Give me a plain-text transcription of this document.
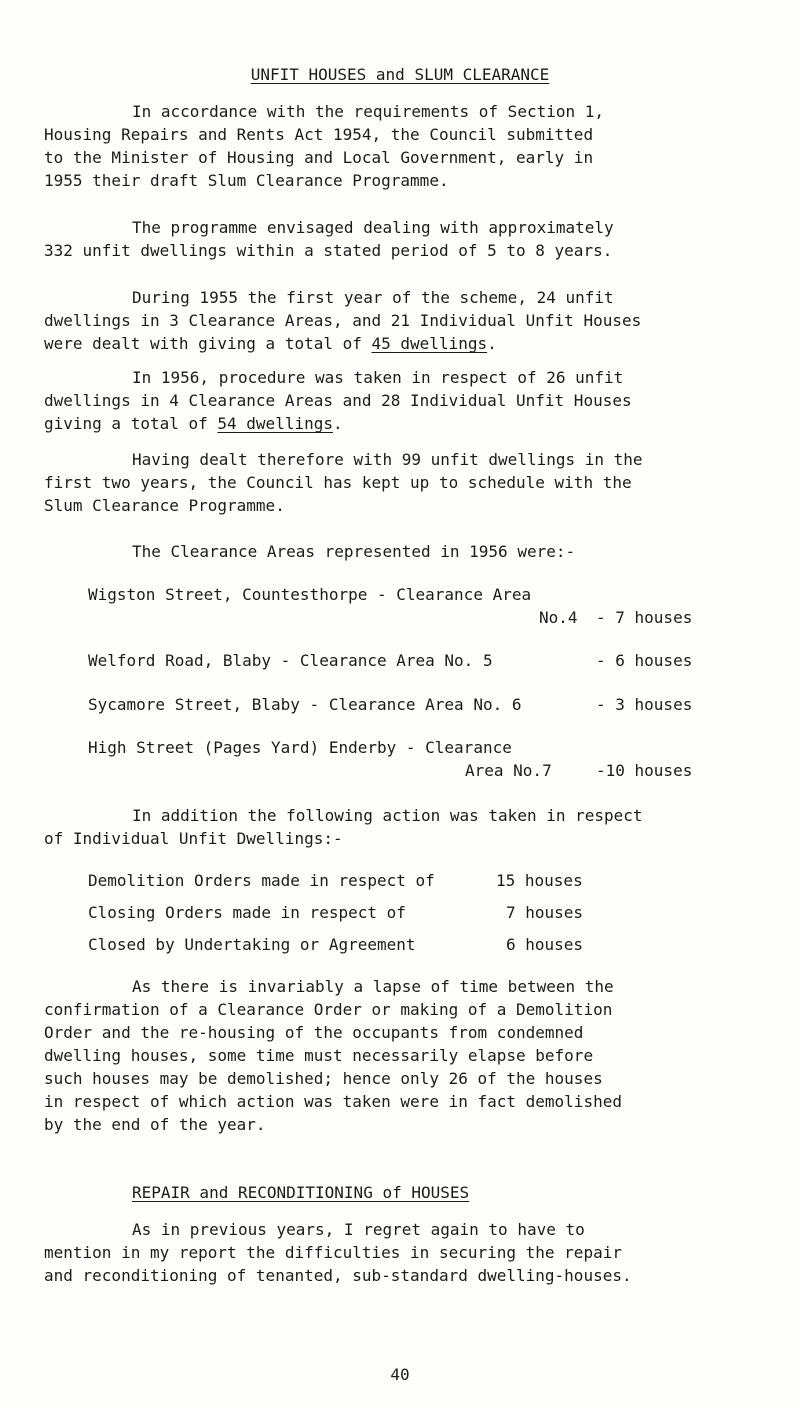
UNFIT HOUSES and SLUM CLEARANCE

In accordance with the requirements of Section 1,
Housing Repairs and Rents Act 1954, the Council submitted
to the Minister of Housing and Local Government, early in
1955 their draft Slum Clearance Programme.

The programme envisaged dealing with approximately
332 unfit dwellings within a stated period of 5 to 8 years.

During 1955 the first year of the scheme, 24 unfit
dwellings in 3 Clearance Areas, and 21 Individual Unfit Houses
were dealt with giving a total of 45 dwellings.

In 1956, procedure was taken in respect of 26 unfit
dwellings in 4 Clearance Areas and 28 Individual Unfit Houses
giving a total of 54 dwellings.

Having dealt therefore with 99 unfit dwellings in the
first two years, the Council has kept up to schedule with the
Slum Clearance Programme.

The Clearance Areas represented in 1956 were:-
Wigston Street, Countesthorpe - Clearance Area
No.4 - 7 houses
Welford Road, Blaby - Clearance Area No. 5	- 6 houses
Sycamore Street, Blaby - Clearance Area No. 6	- 3 houses
High Street (Pages Yard) Enderby - Clearance
Area No.7	-10 houses

In addition the following action was taken in respect
of Individual Unfit Dwellings:-

Demolition Orders made in respect of	15 houses
Closing Orders made in respect of	7 houses
Closed by Undertaking or Agreement	6 houses

As there is invariably a lapse of time between the
confirmation of a Clearance Order or making of a Demolition
Order and the re-housing of the occupants from condemned
dwelling houses, some time must necessarily elapse before
such houses may be demolished; hence only 26 of the houses
in respect of which action was taken were in fact demolished
by the end of the year.

REPAIR and RECONDITIONING of HOUSES

As in previous years, I regret again to have to
mention in my report the difficulties in securing the repair
and reconditioning of tenanted, sub-standard dwelling-houses.

40
